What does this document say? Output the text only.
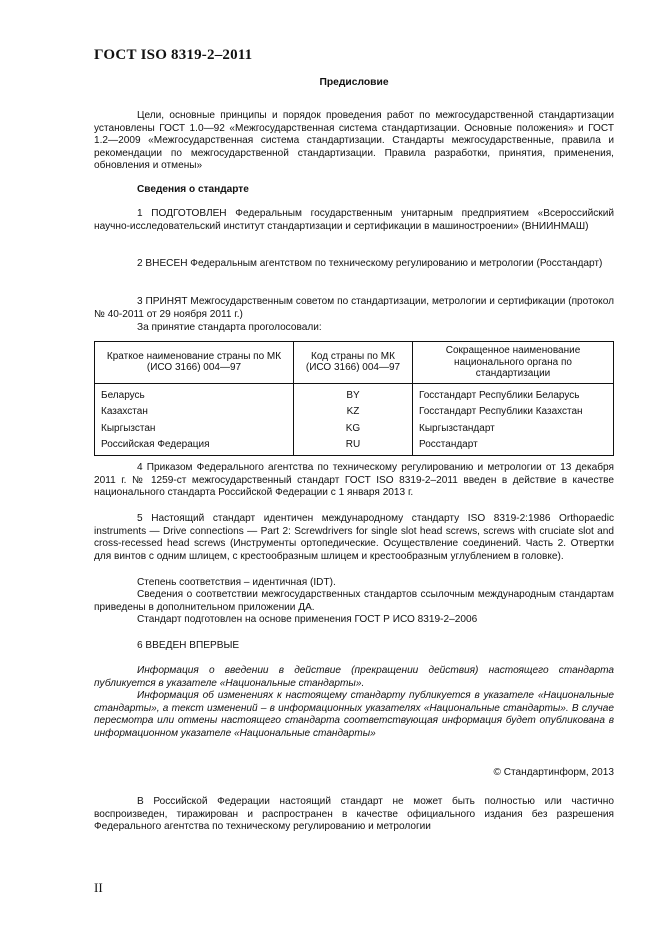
ГОСТ ISO 8319-2–2011
Предисловие
Цели, основные принципы и порядок проведения работ по межгосударственной стандартизации установлены ГОСТ 1.0—92 «Межгосударственная система стандартизации. Основные положения» и ГОСТ 1.2—2009 «Межгосударственная система стандартизации. Стандарты межгосударственные, правила и рекомендации по межгосударственной стандартизации. Правила разработки, принятия, применения, обновления и отмены»
Сведения о стандарте
1 ПОДГОТОВЛЕН Федеральным государственным унитарным предприятием «Всероссийский научно-исследовательский институт стандартизации и сертификации в машиностроении» (ВНИИНМАШ)
2 ВНЕСЕН Федеральным агентством по техническому регулированию и метрологии (Росстандарт)
3 ПРИНЯТ Межгосударственным советом по стандартизации, метрологии и сертификации (протокол № 40-2011 от 29 ноября 2011 г.)
За принятие стандарта проголосовали:
Краткое наименование страны по МК (ИСО 3166) 004—97	Код страны по МК (ИСО 3166) 004—97	Сокращенное наименование национального органа по стандартизации
Беларусь	BY	Госстандарт Республики Беларусь
Казахстан	KZ	Госстандарт Республики Казахстан
Кыргызстан	KG	Кыргызстандарт
Российская Федерация	RU	Росстандарт
4 Приказом Федерального агентства по техническому регулированию и метрологии от 13 декабря 2011 г. № 1259-ст межгосударственный стандарт ГОСТ ISO 8319-2–2011 введен в действие в качестве национального стандарта Российской Федерации с 1 января 2013 г.
5 Настоящий стандарт идентичен международному стандарту ISO 8319-2:1986 Orthopaedic instruments — Drive connections — Part 2: Screwdrivers for single slot head screws, screws with cruciate slot and cross-recessed head screws (Инструменты ортопедические. Осуществление соединений. Часть 2. Отвертки для винтов с одним шлицем, с крестообразным шлицем и крестообразным углублением в головке).
Степень соответствия – идентичная (IDT).
Сведения о соответствии межгосударственных стандартов ссылочным международным стандартам приведены в дополнительном приложении ДА.
Стандарт подготовлен на основе применения ГОСТ Р ИСО 8319-2–2006
6 ВВЕДЕН ВПЕРВЫЕ
Информация о введении в действие (прекращении действия) настоящего стандарта публикуется в указателе «Национальные стандарты».
Информация об изменениях к настоящему стандарту публикуется в указателе «Национальные стандарты», а текст изменений – в информационных указателях «Национальные стандарты». В случае пересмотра или отмены настоящего стандарта соответствующая информация будет опубликована в информационном указателе «Национальные стандарты»
© Стандартинформ, 2013
В Российской Федерации настоящий стандарт не может быть полностью или частично воспроизведен, тиражирован и распространен в качестве официального издания без разрешения Федерального агентства по техническому регулированию и метрологии
II
